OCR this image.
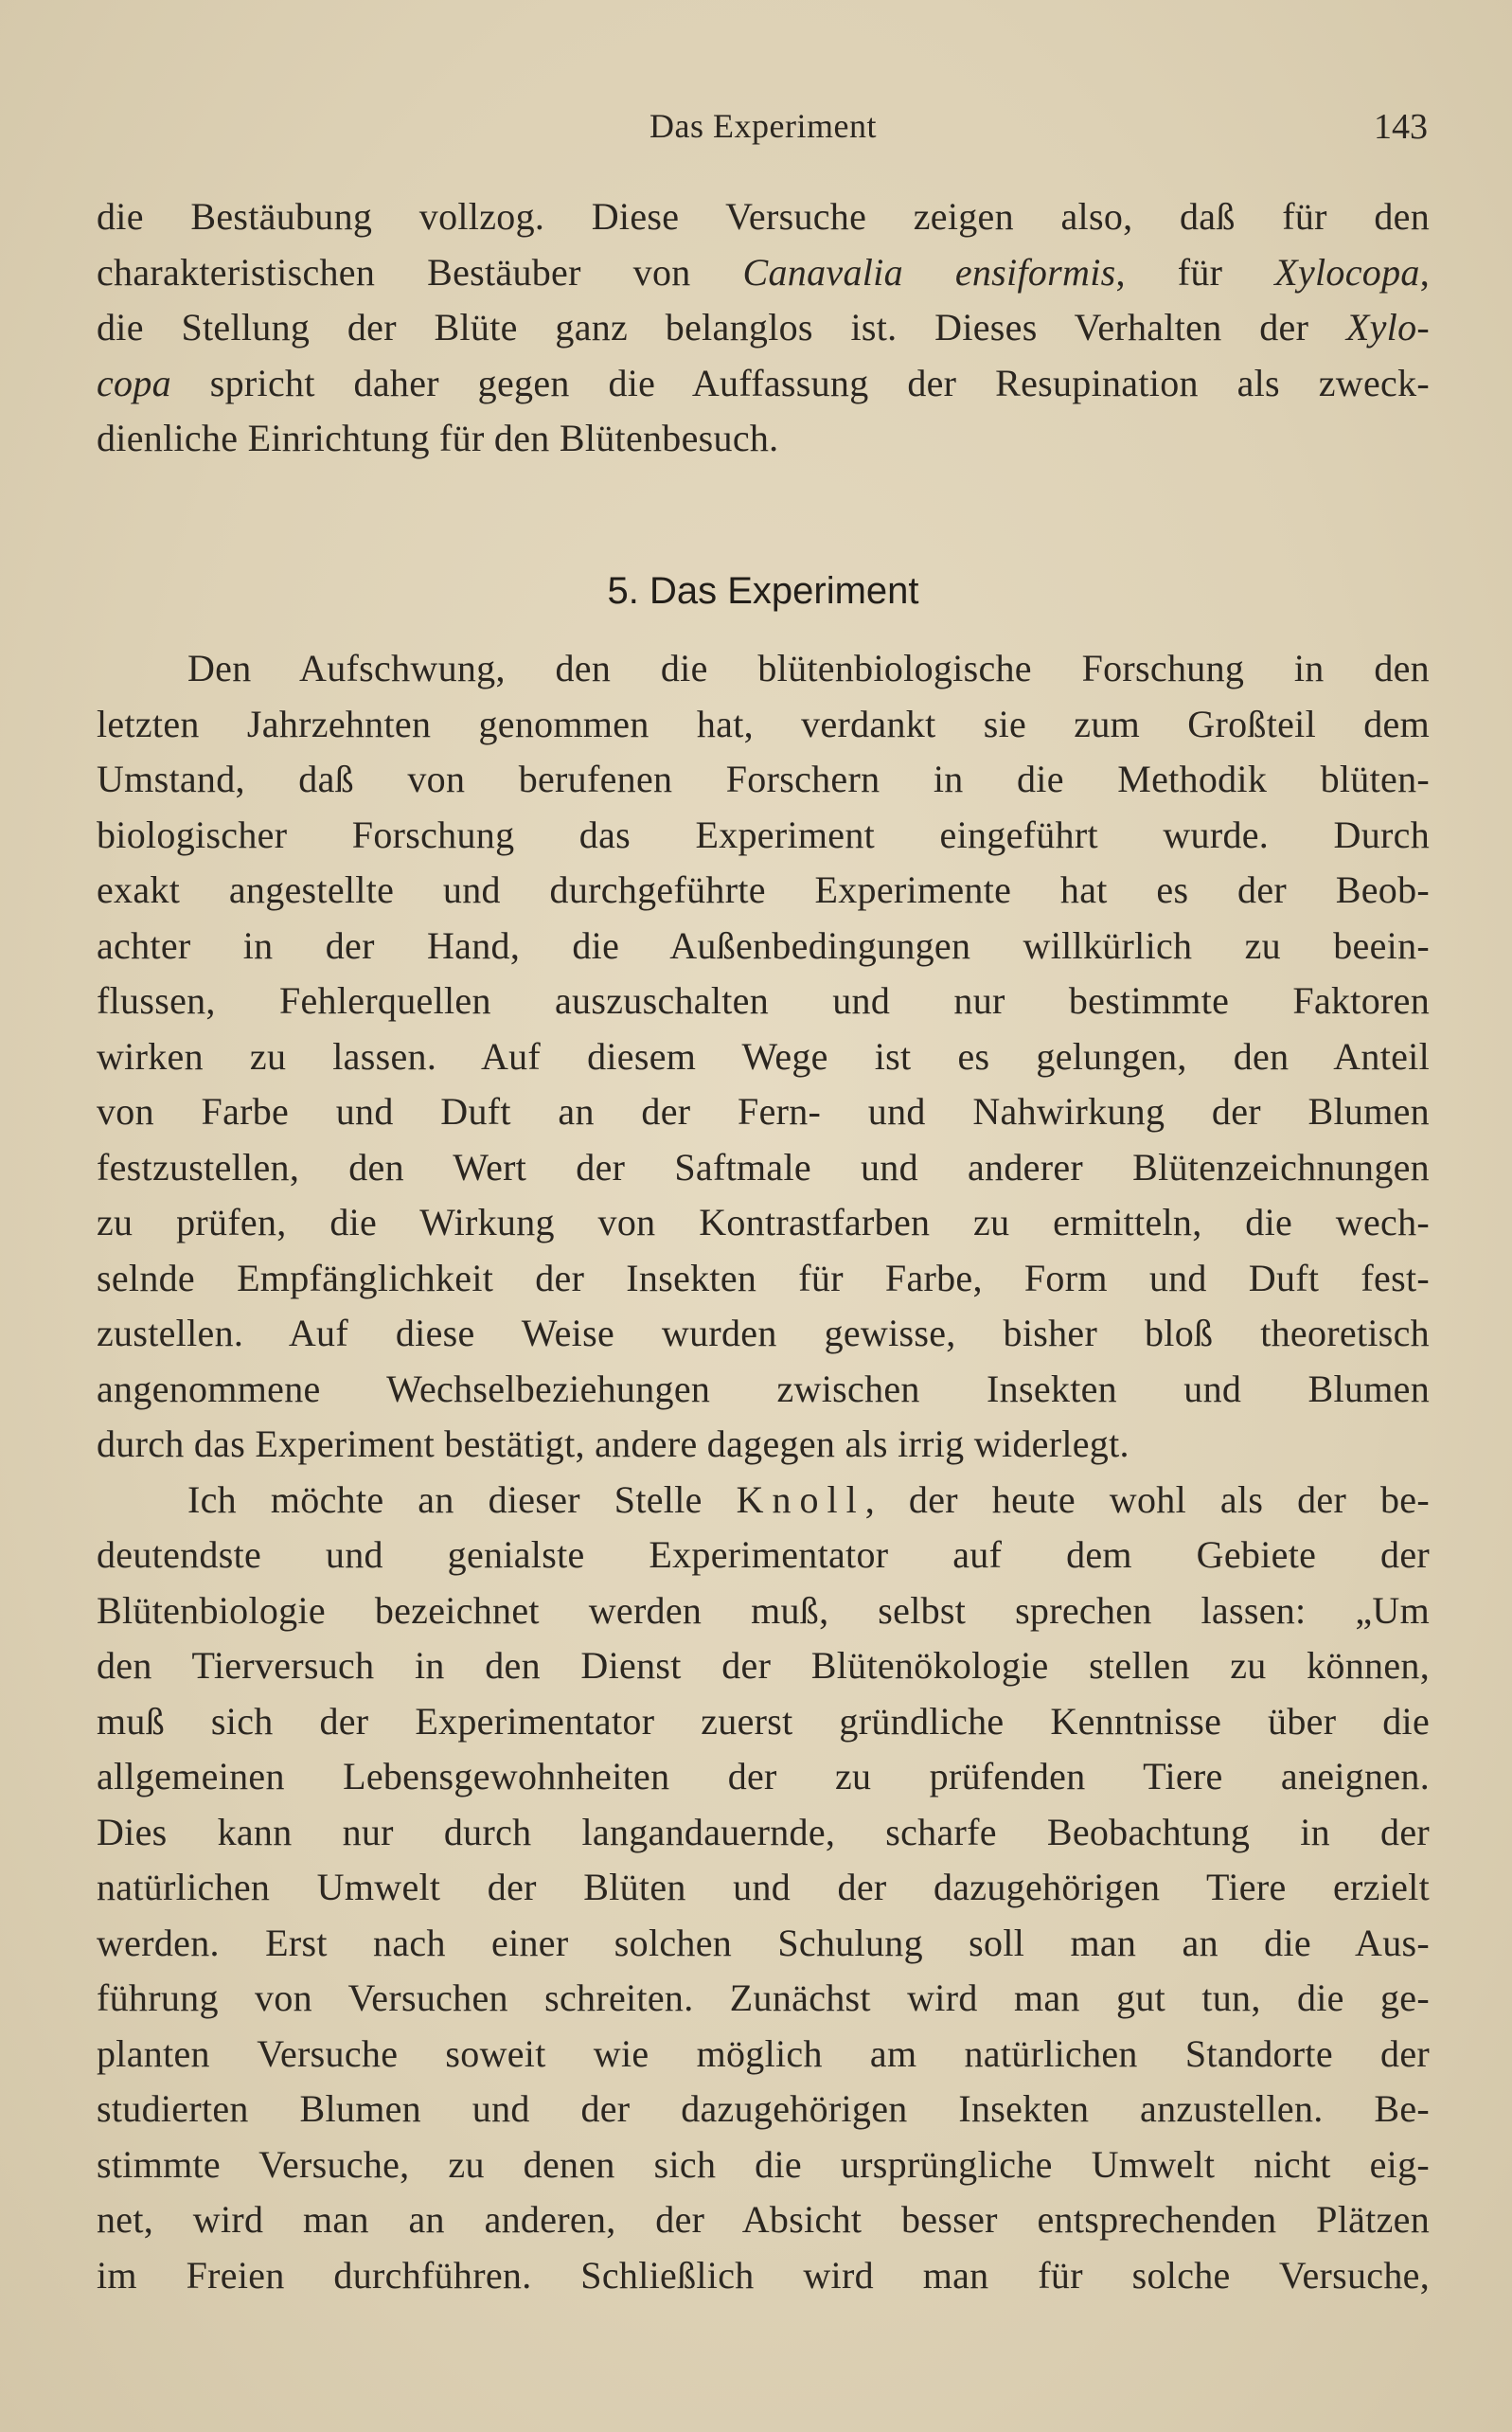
Das Experiment	143
die Bestäubung vollzog. Diese Versuche zeigen also, daß für den
charakteristischen Bestäuber von Canavalia ensiformis, für Xylocopa,
die Stellung der Blüte ganz belanglos ist. Dieses Verhalten der Xylo-
copa spricht daher gegen die Auffassung der Resupination als zweck-
dienliche Einrichtung für den Blütenbesuch.
5. Das Experiment
Den Aufschwung, den die blütenbiologische Forschung in den
letzten Jahrzehnten genommen hat, verdankt sie zum Großteil dem
Umstand, daß von berufenen Forschern in die Methodik blüten-
biologischer Forschung das Experiment eingeführt wurde. Durch
exakt angestellte und durchgeführte Experimente hat es der Beob-
achter in der Hand, die Außenbedingungen willkürlich zu beein-
flussen, Fehlerquellen auszuschalten und nur bestimmte Faktoren
wirken zu lassen. Auf diesem Wege ist es gelungen, den Anteil
von Farbe und Duft an der Fern- und Nahwirkung der Blumen
festzustellen, den Wert der Saftmale und anderer Blütenzeichnungen
zu prüfen, die Wirkung von Kontrastfarben zu ermitteln, die wech-
selnde Empfänglichkeit der Insekten für Farbe, Form und Duft fest-
zustellen. Auf diese Weise wurden gewisse, bisher bloß theoretisch
angenommene Wechselbeziehungen zwischen Insekten und Blumen
durch das Experiment bestätigt, andere dagegen als irrig widerlegt.
Ich möchte an dieser Stelle Knoll, der heute wohl als der be-
deutendste und genialste Experimentator auf dem Gebiete der
Blütenbiologie bezeichnet werden muß, selbst sprechen lassen: „Um
den Tierversuch in den Dienst der Blütenökologie stellen zu können,
muß sich der Experimentator zuerst gründliche Kenntnisse über die
allgemeinen Lebensgewohnheiten der zu prüfenden Tiere aneignen.
Dies kann nur durch langandauernde, scharfe Beobachtung in der
natürlichen Umwelt der Blüten und der dazugehörigen Tiere erzielt
werden. Erst nach einer solchen Schulung soll man an die Aus-
führung von Versuchen schreiten. Zunächst wird man gut tun, die ge-
planten Versuche soweit wie möglich am natürlichen Standorte der
studierten Blumen und der dazugehörigen Insekten anzustellen. Be-
stimmte Versuche, zu denen sich die ursprüngliche Umwelt nicht eig-
net, wird man an anderen, der Absicht besser entsprechenden Plätzen
im Freien durchführen. Schließlich wird man für solche Versuche,
